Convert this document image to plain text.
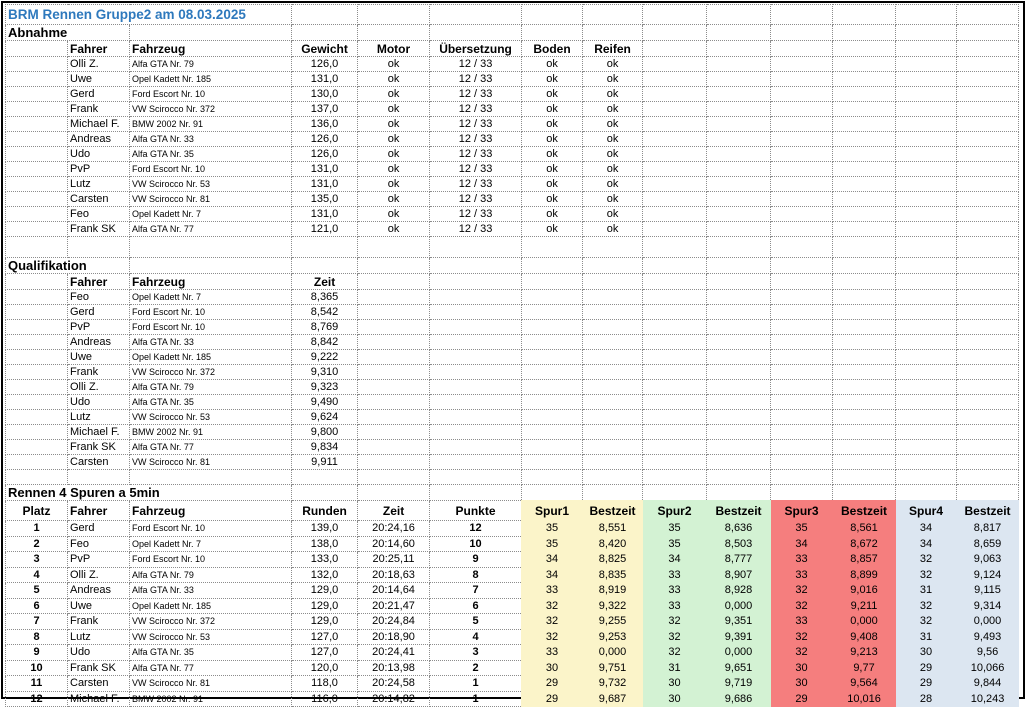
BRM Rennen Gruppe2 am 08.03.2025													
Abnahme													
	Fahrer	Fahrzeug	Gewicht	Motor	Übersetzung	Boden	Reifen						
	Olli Z.	Alfa GTA Nr. 79	126,0	ok	12 / 33	ok	ok						
	Uwe	Opel Kadett Nr. 185	131,0	ok	12 / 33	ok	ok						
	Gerd	Ford Escort Nr. 10	130,0	ok	12 / 33	ok	ok						
	Frank	VW Scirocco Nr. 372	137,0	ok	12 / 33	ok	ok						
	Michael F.	BMW 2002 Nr. 91	136,0	ok	12 / 33	ok	ok						
	Andreas	Alfa GTA Nr. 33	126,0	ok	12 / 33	ok	ok						
	Udo	Alfa GTA Nr. 35	126,0	ok	12 / 33	ok	ok						
	PvP	Ford Escort Nr. 10	131,0	ok	12 / 33	ok	ok						
	Lutz	VW Scirocco Nr. 53	131,0	ok	12 / 33	ok	ok						
	Carsten	VW Scirocco Nr. 81	135,0	ok	12 / 33	ok	ok						
	Feo	Opel Kadett Nr. 7	131,0	ok	12 / 33	ok	ok						
	Frank SK	Alfa GTA Nr. 77	121,0	ok	12 / 33	ok	ok						

Qualifikation													
	Fahrer	Fahrzeug	Zeit										
	Feo	Opel Kadett Nr. 7	8,365										
	Gerd	Ford Escort Nr. 10	8,542										
	PvP	Ford Escort Nr. 10	8,769										
	Andreas	Alfa GTA Nr. 33	8,842										
	Uwe	Opel Kadett Nr. 185	9,222										
	Frank	VW Scirocco Nr. 372	9,310										
	Olli Z.	Alfa GTA Nr. 79	9,323										
	Udo	Alfa GTA Nr. 35	9,490										
	Lutz	VW Scirocco Nr. 53	9,624										
	Michael F.	BMW 2002 Nr. 91	9,800										
	Frank SK	Alfa GTA Nr. 77	9,834										
	Carsten	VW Scirocco Nr. 81	9,911										

Rennen 4 Spuren a 5min													
Platz	Fahrer	Fahrzeug	Runden	Zeit	Punkte	Spur1	Bestzeit	Spur2	Bestzeit	Spur3	Bestzeit	Spur4	Bestzeit
1	Gerd	Ford Escort Nr. 10	139,0	20:24,16	12	35	8,551	35	8,636	35	8,561	34	8,817
2	Feo	Opel Kadett Nr. 7	138,0	20:14,60	10	35	8,420	35	8,503	34	8,672	34	8,659
3	PvP	Ford Escort Nr. 10	133,0	20:25,11	9	34	8,825	34	8,777	33	8,857	32	9,063
4	Olli Z.	Alfa GTA Nr. 79	132,0	20:18,63	8	34	8,835	33	8,907	33	8,899	32	9,124
5	Andreas	Alfa GTA Nr. 33	129,0	20:14,64	7	33	8,919	33	8,928	32	9,016	31	9,115
6	Uwe	Opel Kadett Nr. 185	129,0	20:21,47	6	32	9,322	33	0,000	32	9,211	32	9,314
7	Frank	VW Scirocco Nr. 372	129,0	20:24,84	5	32	9,255	32	9,351	33	0,000	32	0,000
8	Lutz	VW Scirocco Nr. 53	127,0	20:18,90	4	32	9,253	32	9,391	32	9,408	31	9,493
9	Udo	Alfa GTA Nr. 35	127,0	20:24,41	3	33	0,000	32	0,000	32	9,213	30	9,56
10	Frank SK	Alfa GTA Nr. 77	120,0	20:13,98	2	30	9,751	31	9,651	30	9,77	29	10,066
11	Carsten	VW Scirocco Nr. 81	118,0	20:24,58	1	29	9,732	30	9,719	30	9,564	29	9,844
12	Michael F.	BMW 2002 Nr. 91	116,0	20:14,82	1	29	9,687	30	9,686	29	10,016	28	10,243
